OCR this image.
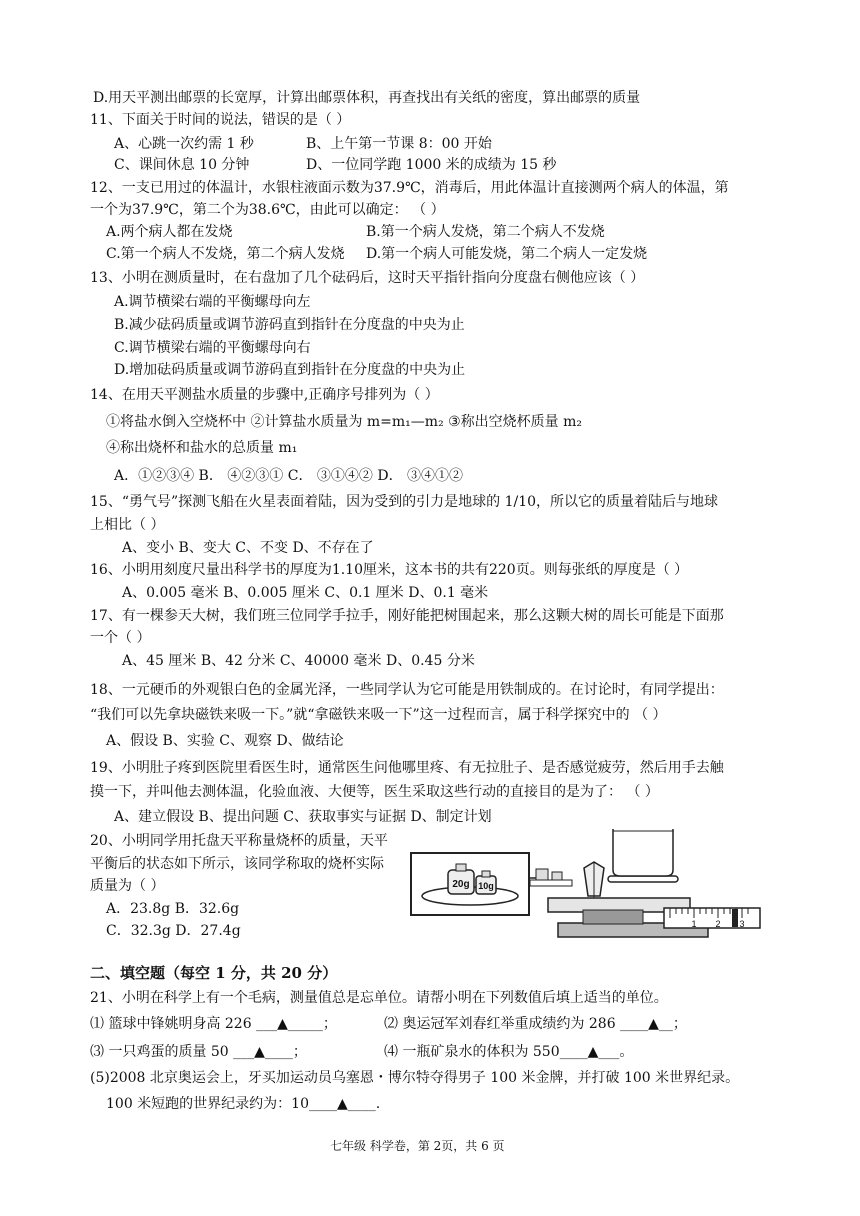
D.用天平测出邮票的长宽厚，计算出邮票体积，再查找出有关纸的密度，算出邮票的质量
11、下面关于时间的说法，错误的是（ ）
A、心跳一次约需 1 秒	B、上午第一节课 8：00 开始
C、课间休息 10 分钟	D、一位同学跑 1000 米的成绩为 15 秒
12、一支已用过的体温计，水银柱液面示数为37.9℃，消毒后，用此体温计直接测两个病人的体温，第
一个为37.9℃，第二个为38.6℃，由此可以确定： （ ）
A.两个病人都在发烧	B.第一个病人发烧，第二个病人不发烧
C.第一个病人不发烧，第二个病人发烧 D.第一个病人可能发烧，第二个病人一定发烧
13、小明在测质量时，在右盘加了几个砝码后，这时天平指针指向分度盘右侧他应该（ ）
A.调节横梁右端的平衡螺母向左
B.减少砝码质量或调节游码直到指针在分度盘的中央为止
C.调节横梁右端的平衡螺母向右
D.增加砝码质量或调节游码直到指针在分度盘的中央为止
14、在用天平测盐水质量的步骤中,正确序号排列为（ ）
①将盐水倒入空烧杯中 ②计算盐水质量为 m=m₁—m₂ ③称出空烧杯质量 m₂
④称出烧杯和盐水的总质量 m₁
A．①②③④ B． ④②③① C． ③①④② D． ③④①②
15、“勇气号”探测飞船在火星表面着陆，因为受到的引力是地球的 1/10，所以它的质量着陆后与地球
上相比（ ）
A、变小 B、变大 C、不变 D、不存在了
16、小明用刻度尺量出科学书的厚度为1.10厘米，这本书的共有220页。则每张纸的厚度是（ ）
A、0.005 毫米 B、0.005 厘米 C、0.1 厘米 D、0.1 毫米
17、有一棵参天大树，我们班三位同学手拉手，刚好能把树围起来，那么这颗大树的周长可能是下面那
一个（ ）
A、45 厘米 B、42 分米 C、40000 毫米 D、0.45 分米
18、一元硬币的外观银白色的金属光泽，一些同学认为它可能是用铁制成的。在讨论时，有同学提出：
“我们可以先拿块磁铁来吸一下。”就“拿磁铁来吸一下”这一过程而言，属于科学探究中的 （ ）
A、假设 B、实验 C、观察 D、做结论
19、小明肚子疼到医院里看医生时，通常医生问他哪里疼、有无拉肚子、是否感觉疲劳，然后用手去触
摸一下，并叫他去测体温，化验血液、大便等，医生采取这些行动的直接目的是为了： （ ）
A、建立假设 B、提出问题 C、获取事实与证据 D、制定计划
20、小明同学用托盘天平称量烧杯的质量，天平
平衡后的状态如下所示，该同学称取的烧杯实际
质量为（ ）
A．23.8g B．32.6g
C．32.3g D．27.4g
20g 10g
1 2 3
二、填空题（每空 1 分，共 20 分）
21、小明在科学上有一个毛病，测量值总是忘单位。请帮小明在下列数值后填上适当的单位。
⑴ 篮球中锋姚明身高 226 ___▲_____；	⑵ 奥运冠军刘春红举重成绩约为 286 ____▲__；
⑶ 一只鸡蛋的质量 50 ___▲____；	⑷ 一瓶矿泉水的体积为 550____▲___。
(5)2008 北京奥运会上，牙买加运动员乌塞恩・博尔特夺得男子 100 米金牌，并打破 100 米世界纪录。
100 米短跑的世界纪录约为：10____▲____.
七年级 科学卷，第 2页，共 6 页
